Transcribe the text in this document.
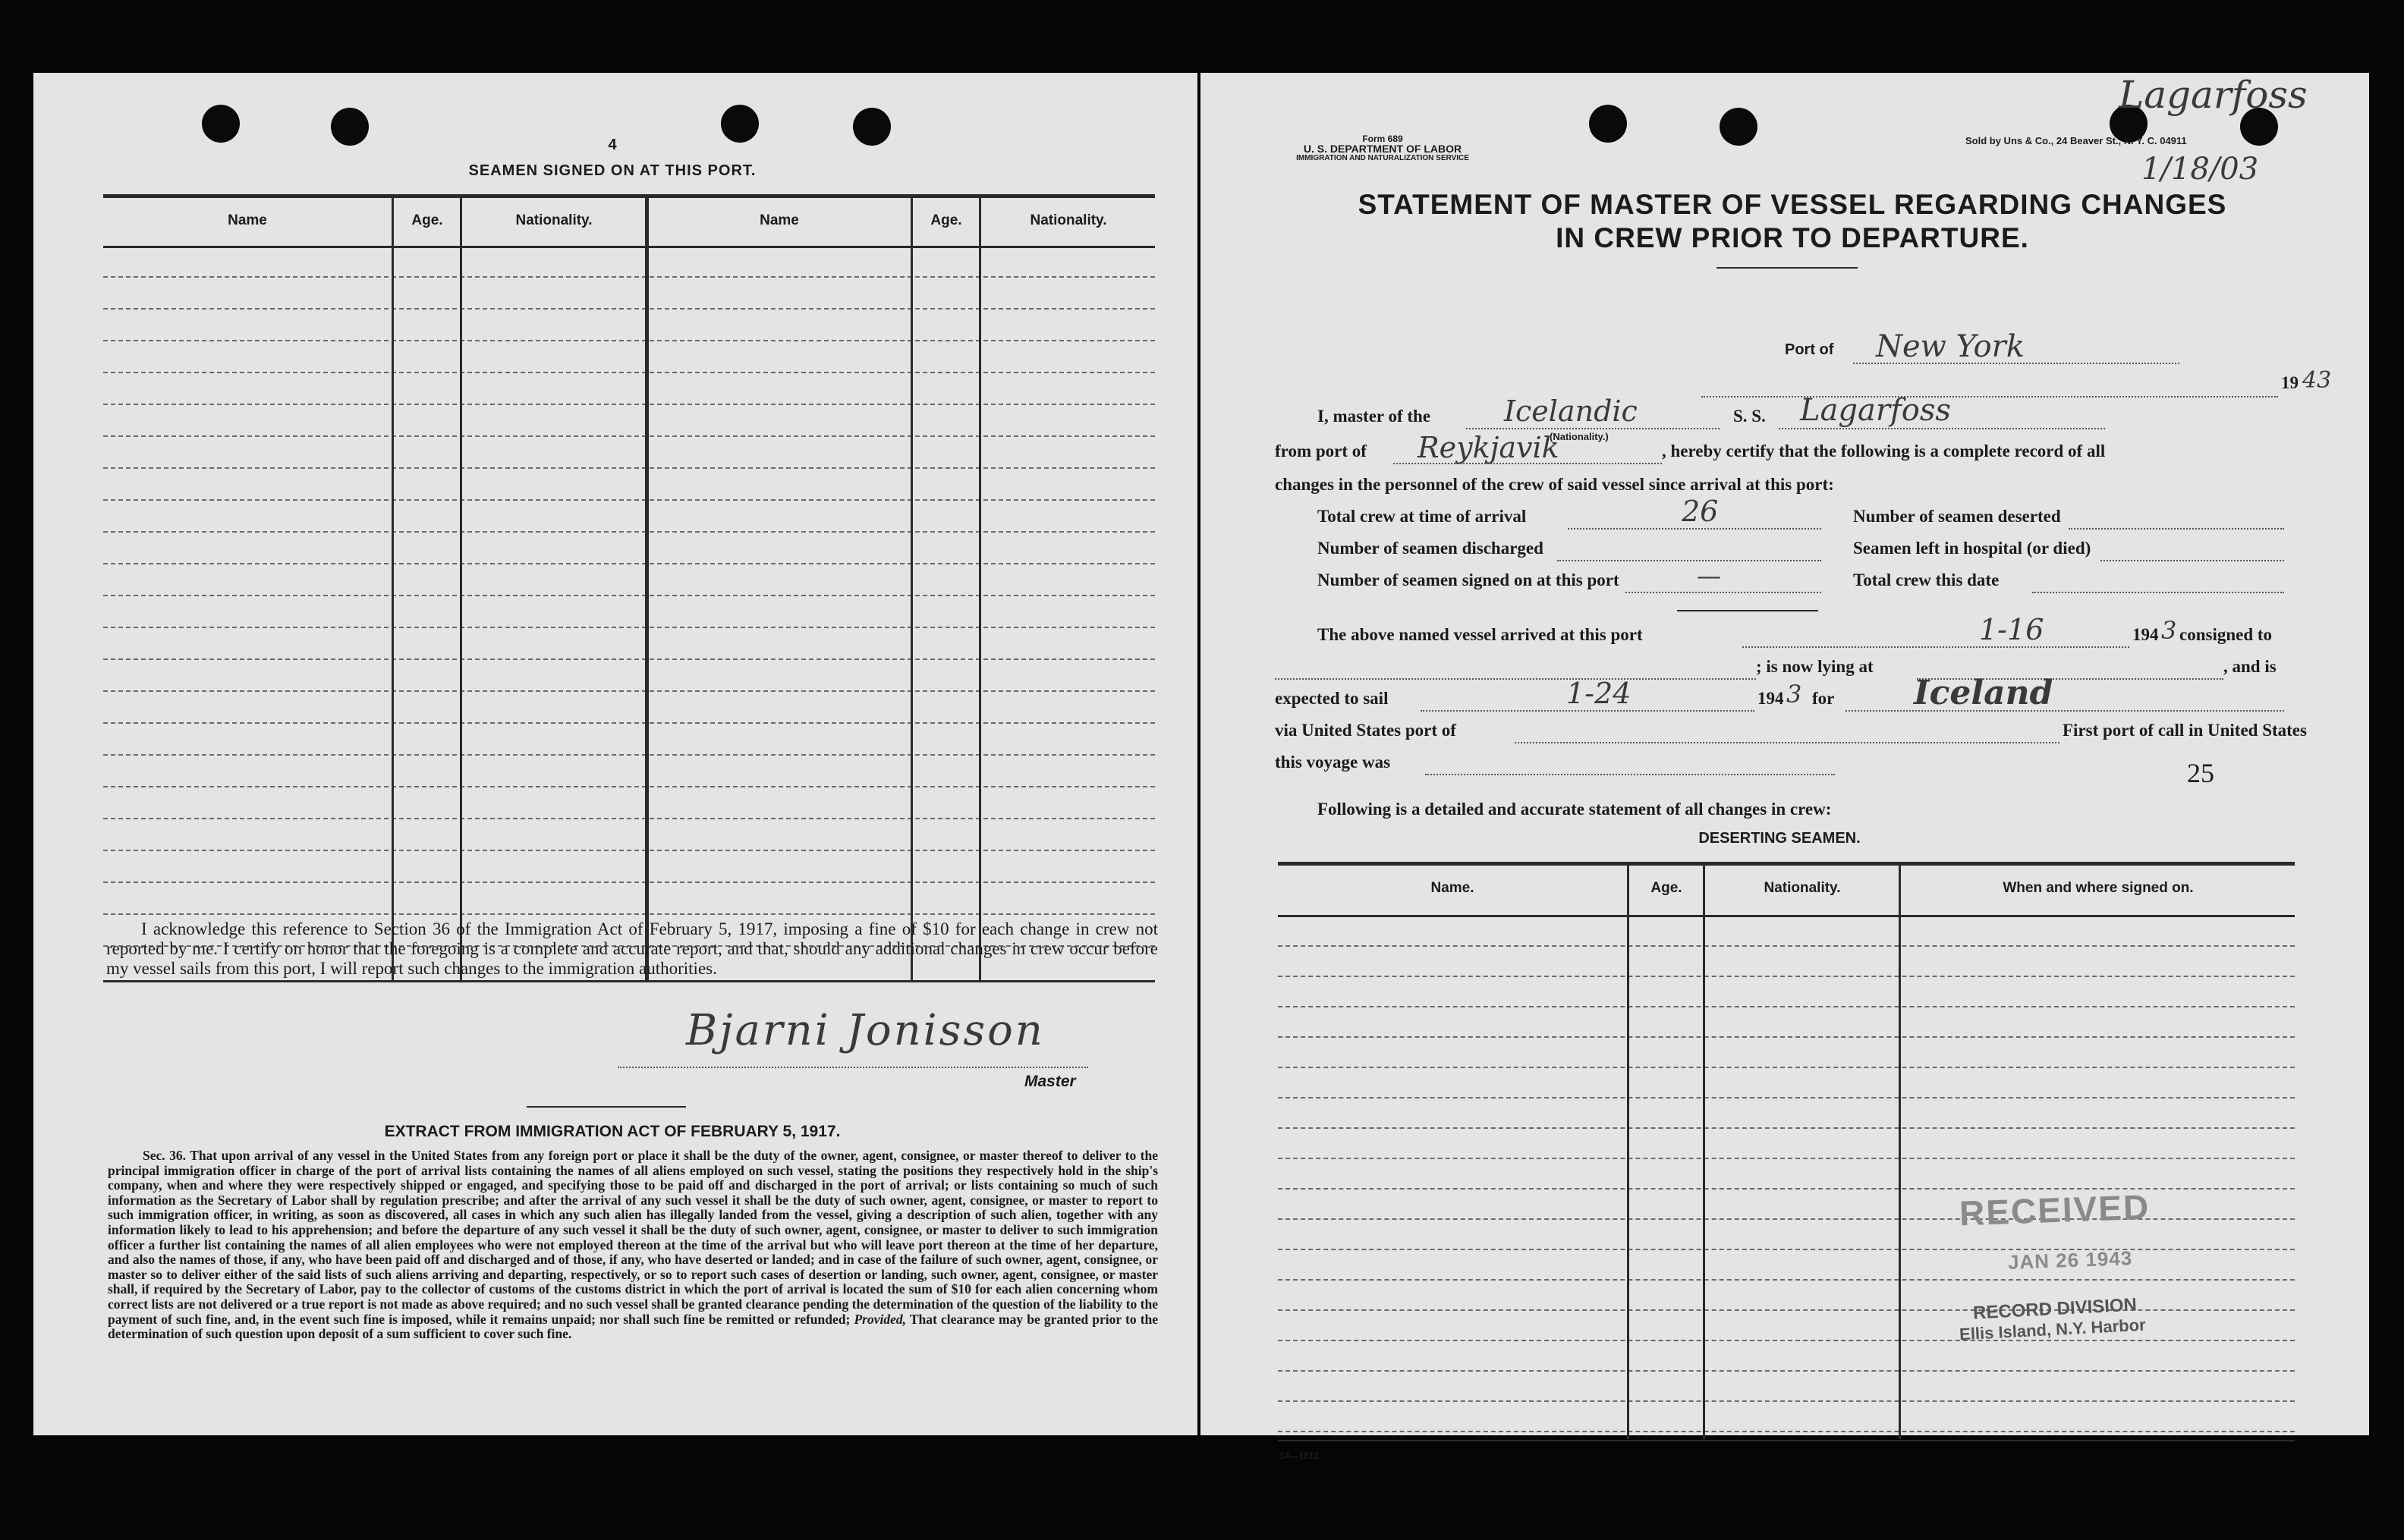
4
SEAMEN SIGNED ON AT THIS PORT.
Name	Age.	Nationality.	Name	Age.	Nationality.
I acknowledge this reference to Section 36 of the Immigration Act of February 5, 1917, imposing a fine of $10 for each change in crew not reported by me. I certify on honor that the foregoing is a complete and accurate report, and that, should any additional changes in crew occur before my vessel sails from this port, I will report such changes to the immigration authorities.
Bjarni Jonisson
Master
EXTRACT FROM IMMIGRATION ACT OF FEBRUARY 5, 1917.
Sec. 36. That upon arrival of any vessel in the United States from any foreign port or place it shall be the duty of the owner, agent, consignee, or master thereof to deliver to the principal immigration officer in charge of the port of arrival lists containing the names of all aliens employed on such vessel, stating the positions they respectively hold in the ship's company, when and where they were respectively shipped or engaged, and specifying those to be paid off and discharged in the port of arrival; or lists containing so much of such information as the Secretary of Labor shall by regulation prescribe; and after the arrival of any such vessel it shall be the duty of such owner, agent, consignee, or master to report to such immigration officer, in writing, as soon as discovered, all cases in which any such alien has illegally landed from the vessel, giving a description of such alien, together with any information likely to lead to his apprehension; and before the departure of any such vessel it shall be the duty of such owner, agent, consignee, or master to deliver to such immigration officer a further list containing the names of all alien employees who were not employed thereon at the time of the arrival but who will leave port thereon at the time of her departure, and also the names of those, if any, who have been paid off and discharged and of those, if any, who have deserted or landed; and in case of the failure of such owner, agent, consignee, or master so to deliver either of the said lists of such aliens arriving and departing, respectively, or so to report such cases of desertion or landing, such owner, agent, consignee, or master shall, if required by the Secretary of Labor, pay to the collector of customs of the customs district in which the port of arrival is located the sum of $10 for each alien concerning whom correct lists are not delivered or a true report is not made as above required; and no such vessel shall be granted clearance pending the determination of the question of the liability to the payment of such fine, and, in the event such fine is imposed, while it remains unpaid; nor shall such fine be remitted or refunded; Provided, That clearance may be granted prior to the determination of such question upon deposit of a sum sufficient to cover such fine.
Form 689
U. S. DEPARTMENT OF LABOR
IMMIGRATION AND NATURALIZATION SERVICE
Sold by Uns & Co., 24 Beaver St., N. Y. C. 04911
Lagarfoss
1/18/03
STATEMENT OF MASTER OF VESSEL REGARDING CHANGES
IN CREW PRIOR TO DEPARTURE.
Port of New York
19 43
I, master of the	Icelandic
(Nationality.)
S. S. Lagarfoss
from port of Reykjavik	, hereby certify that the following is a complete record of all
changes in the personnel of the crew of said vessel since arrival at this port:
Total crew at time of arrival	26
Number of seamen discharged
Number of seamen signed on at this port	—
Number of seamen deserted
Seamen left in hospital (or died)
Total crew this date
The above named vessel arrived at this port	1-16	194 3 consigned to
; is now lying at	, and is
expected to sail	1-24	194 3 for Iceland
via United States port of	First port of call in United States
this voyage was	25
Following is a detailed and accurate statement of all changes in crew:
DESERTING SEAMEN.
Name.	Age.	Nationality.	When and where signed on.
RECEIVED
JAN 26 1943
RECORD DIVISION
Ellis Island, N.Y. Harbor
14—1613
